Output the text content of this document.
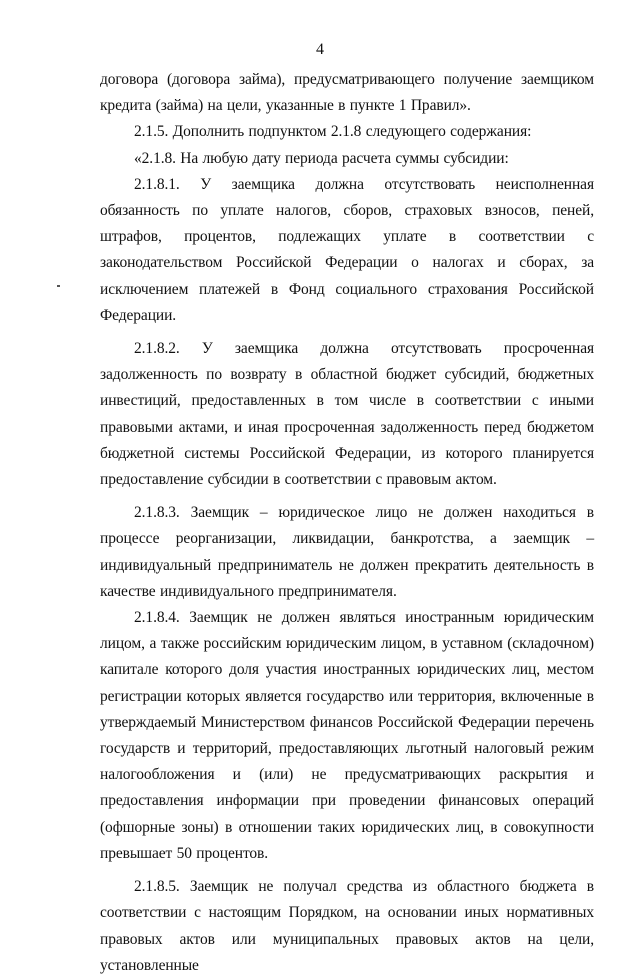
4

договора (договора займа), предусматривающего получение заемщиком кредита (займа) на цели, указанные в пункте 1 Правил».

2.1.5. Дополнить подпунктом 2.1.8 следующего содержания:

«2.1.8. На любую дату периода расчета суммы субсидии:

2.1.8.1. У заемщика должна отсутствовать неисполненная обязанность по уплате налогов, сборов, страховых взносов, пеней, штрафов, процентов, подлежащих уплате в соответствии с законодательством Российской Федерации о налогах и сборах, за исключением платежей в Фонд социального страхования Российской Федерации.

2.1.8.2. У заемщика должна отсутствовать просроченная задолженность по возврату в областной бюджет субсидий, бюджетных инвестиций, предоставленных в том числе в соответствии с иными правовыми актами, и иная просроченная задолженность перед бюджетом бюджетной системы Российской Федерации, из которого планируется предоставление субсидии в соответствии с правовым актом.

2.1.8.3. Заемщик – юридическое лицо не должен находиться в процессе реорганизации, ликвидации, банкротства, а заемщик – индивидуальный предприниматель не должен прекратить деятельность в качестве индивидуального предпринимателя.

2.1.8.4. Заемщик не должен являться иностранным юридическим лицом, а также российским юридическим лицом, в уставном (складочном) капитале которого доля участия иностранных юридических лиц, местом регистрации которых является государство или территория, включенные в утверждаемый Министерством финансов Российской Федерации перечень государств и территорий, предоставляющих льготный налоговый режим налогообложения и (или) не предусматривающих раскрытия и предоставления информации при проведении финансовых операций (офшорные зоны) в отношении таких юридических лиц, в совокупности превышает 50 процентов.

2.1.8.5. Заемщик не получал средства из областного бюджета в соответствии с настоящим Порядком, на основании иных нормативных правовых актов или муниципальных правовых актов на цели, установленные
